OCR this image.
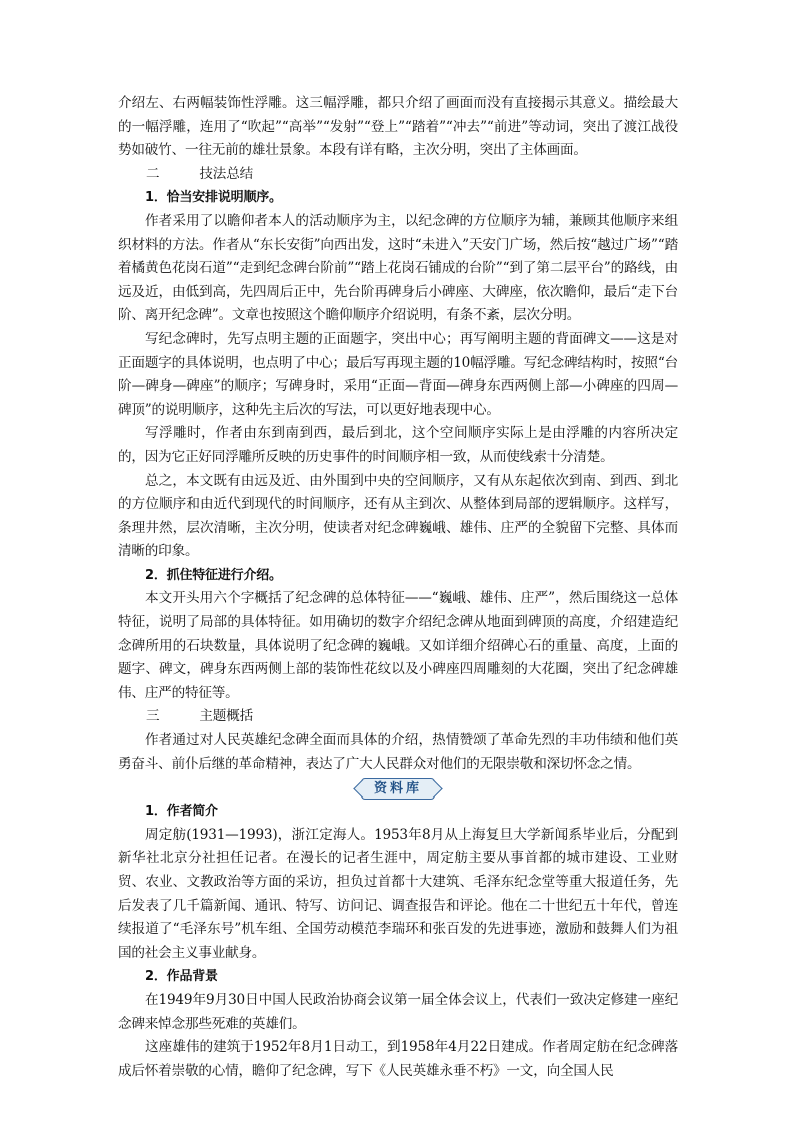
介绍左、右两幅装饰性浮雕。这三幅浮雕，都只介绍了画面而没有直接揭示其意义。描绘最大的一幅浮雕，连用了“吹起”“高举”“发射”“登上”“踏着”“冲去”“前进”等动词，突出了渡江战役势如破竹、一往无前的雄壮景象。本段有详有略，主次分明，突出了主体画面。

二	技法总结

1．恰当安排说明顺序。

作者采用了以瞻仰者本人的活动顺序为主，以纪念碑的方位顺序为辅，兼顾其他顺序来组织材料的方法。作者从“东长安街”向西出发，这时“未进入”天安门广场，然后按“越过广场”“踏着橘黄色花岗石道”“走到纪念碑台阶前”“踏上花岗石铺成的台阶”“到了第二层平台”的路线，由远及近，由低到高，先四周后正中，先台阶再碑身后小碑座、大碑座，依次瞻仰，最后“走下台阶、离开纪念碑”。文章也按照这个瞻仰顺序介绍说明，有条不紊，层次分明。

写纪念碑时，先写点明主题的正面题字，突出中心；再写阐明主题的背面碑文——这是对正面题字的具体说明，也点明了中心；最后写再现主题的10幅浮雕。写纪念碑结构时，按照“台阶—碑身—碑座”的顺序；写碑身时，采用“正面—背面—碑身东西两侧上部—小碑座的四周—碑顶”的说明顺序，这种先主后次的写法，可以更好地表现中心。

写浮雕时，作者由东到南到西，最后到北，这个空间顺序实际上是由浮雕的内容所决定的，因为它正好同浮雕所反映的历史事件的时间顺序相一致，从而使线索十分清楚。

总之，本文既有由远及近、由外围到中央的空间顺序，又有从东起依次到南、到西、到北的方位顺序和由近代到现代的时间顺序，还有从主到次、从整体到局部的逻辑顺序。这样写，条理井然，层次清晰，主次分明，使读者对纪念碑巍峨、雄伟、庄严的全貌留下完整、具体而清晰的印象。

2．抓住特征进行介绍。

本文开头用六个字概括了纪念碑的总体特征——“巍峨、雄伟、庄严”，然后围绕这一总体特征，说明了局部的具体特征。如用确切的数字介绍纪念碑从地面到碑顶的高度，介绍建造纪念碑所用的石块数量，具体说明了纪念碑的巍峨。又如详细介绍碑心石的重量、高度，上面的题字、碑文，碑身东西两侧上部的装饰性花纹以及小碑座四周雕刻的大花圈，突出了纪念碑雄伟、庄严的特征等。

三	主题概括

作者通过对人民英雄纪念碑全面而具体的介绍，热情赞颂了革命先烈的丰功伟绩和他们英勇奋斗、前仆后继的革命精神，表达了广大人民群众对他们的无限崇敬和深切怀念之情。

资料库

1．作者简介

周定舫(1931—1993)，浙江定海人。1953年8月从上海复旦大学新闻系毕业后，分配到新华社北京分社担任记者。在漫长的记者生涯中，周定舫主要从事首都的城市建设、工业财贸、农业、文教政治等方面的采访，担负过首都十大建筑、毛泽东纪念堂等重大报道任务，先后发表了几千篇新闻、通讯、特写、访问记、调查报告和评论。他在二十世纪五十年代，曾连续报道了“毛泽东号”机车组、全国劳动模范李瑞环和张百发的先进事迹，激励和鼓舞人们为祖国的社会主义事业献身。

2．作品背景

在1949年9月30日中国人民政治协商会议第一届全体会议上，代表们一致决定修建一座纪念碑来悼念那些死难的英雄们。

这座雄伟的建筑于1952年8月1日动工，到1958年4月22日建成。作者周定舫在纪念碑落成后怀着崇敬的心情，瞻仰了纪念碑，写下《人民英雄永垂不朽》一文，向全国人民
